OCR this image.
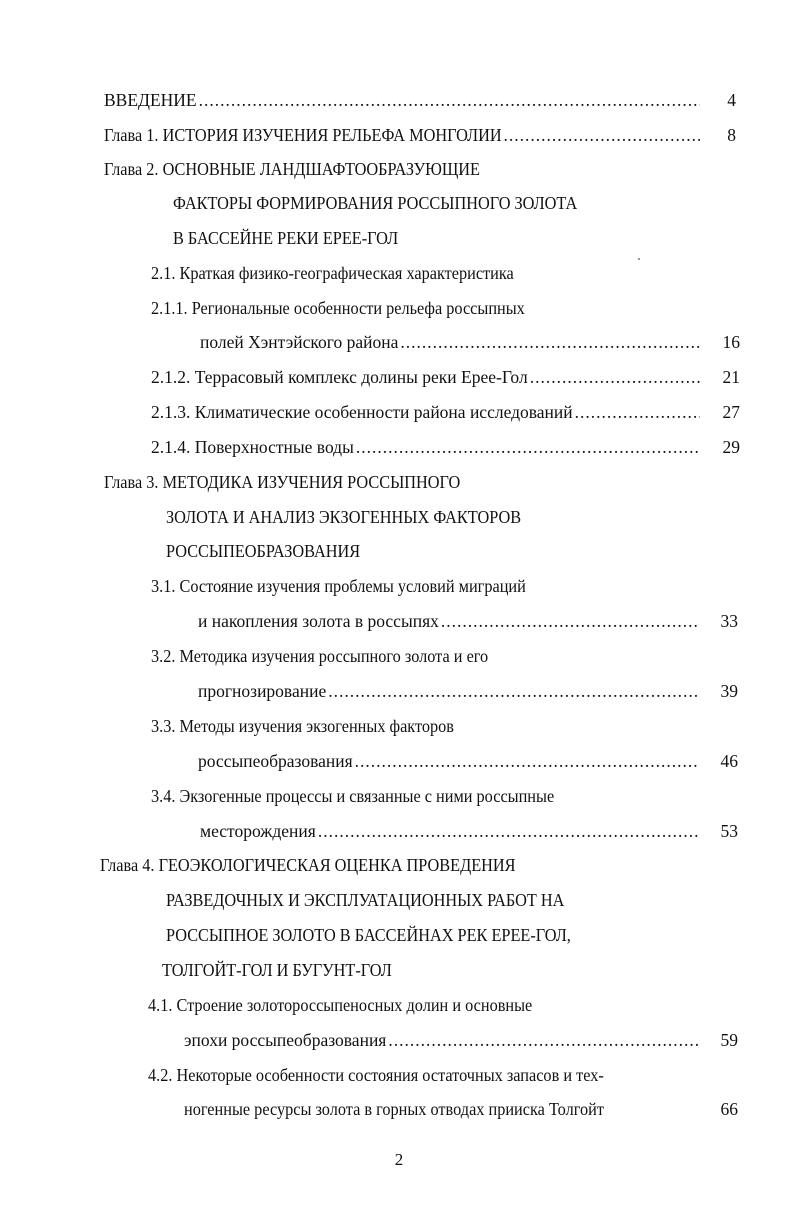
ВВЕДЕНИЕ .....	4
Глава 1. ИСТОРИЯ ИЗУЧЕНИЯ РЕЛЬЕФА МОНГОЛИИ .....	8
Глава 2. ОСНОВНЫЕ ЛАНДШАФТООБРАЗУЮЩИЕ
ФАКТОРЫ ФОРМИРОВАНИЯ РОССЫПНОГО ЗОЛОТА
В БАССЕЙНЕ РЕКИ ЕРЕЕ-ГОЛ
2.1. Краткая физико-географическая характеристика
2.1.1. Региональные особенности рельефа россыпных
полей Хэнтэйского района .....	16
2.1.2. Террасовый комплекс долины реки Ерее-Гол .....	21
2.1.3. Климатические особенности района исследований .....	27
2.1.4. Поверхностные воды .....	29
Глава 3. МЕТОДИКА ИЗУЧЕНИЯ РОССЫПНОГО
ЗОЛОТА И АНАЛИЗ ЭКЗОГЕННЫХ ФАКТОРОВ
РОССЫПЕОБРАЗОВАНИЯ
3.1. Состояние изучения проблемы условий миграций
и накопления золота в россыпях .....	33
3.2. Методика изучения россыпного золота и его
прогнозирование .....	39
3.3. Методы изучения экзогенных факторов
россыпеобразования .....	46
3.4. Экзогенные процессы и связанные с ними россыпные
месторождения .....	53
Глава 4. ГЕОЭКОЛОГИЧЕСКАЯ ОЦЕНКА ПРОВЕДЕНИЯ
РАЗВЕДОЧНЫХ И ЭКСПЛУАТАЦИОННЫХ РАБОТ НА
РОССЫПНОЕ ЗОЛОТО В БАССЕЙНАХ РЕК ЕРЕЕ-ГОЛ,
ТОЛГОЙТ-ГОЛ И БУГУНТ-ГОЛ
4.1. Строение золотороссыпеносных долин и основные
эпохи россыпеобразования .....	59
4.2. Некоторые особенности состояния остаточных запасов и тех-
ногенные ресурсы золота в горных отводах прииска Толгойт	66
2
